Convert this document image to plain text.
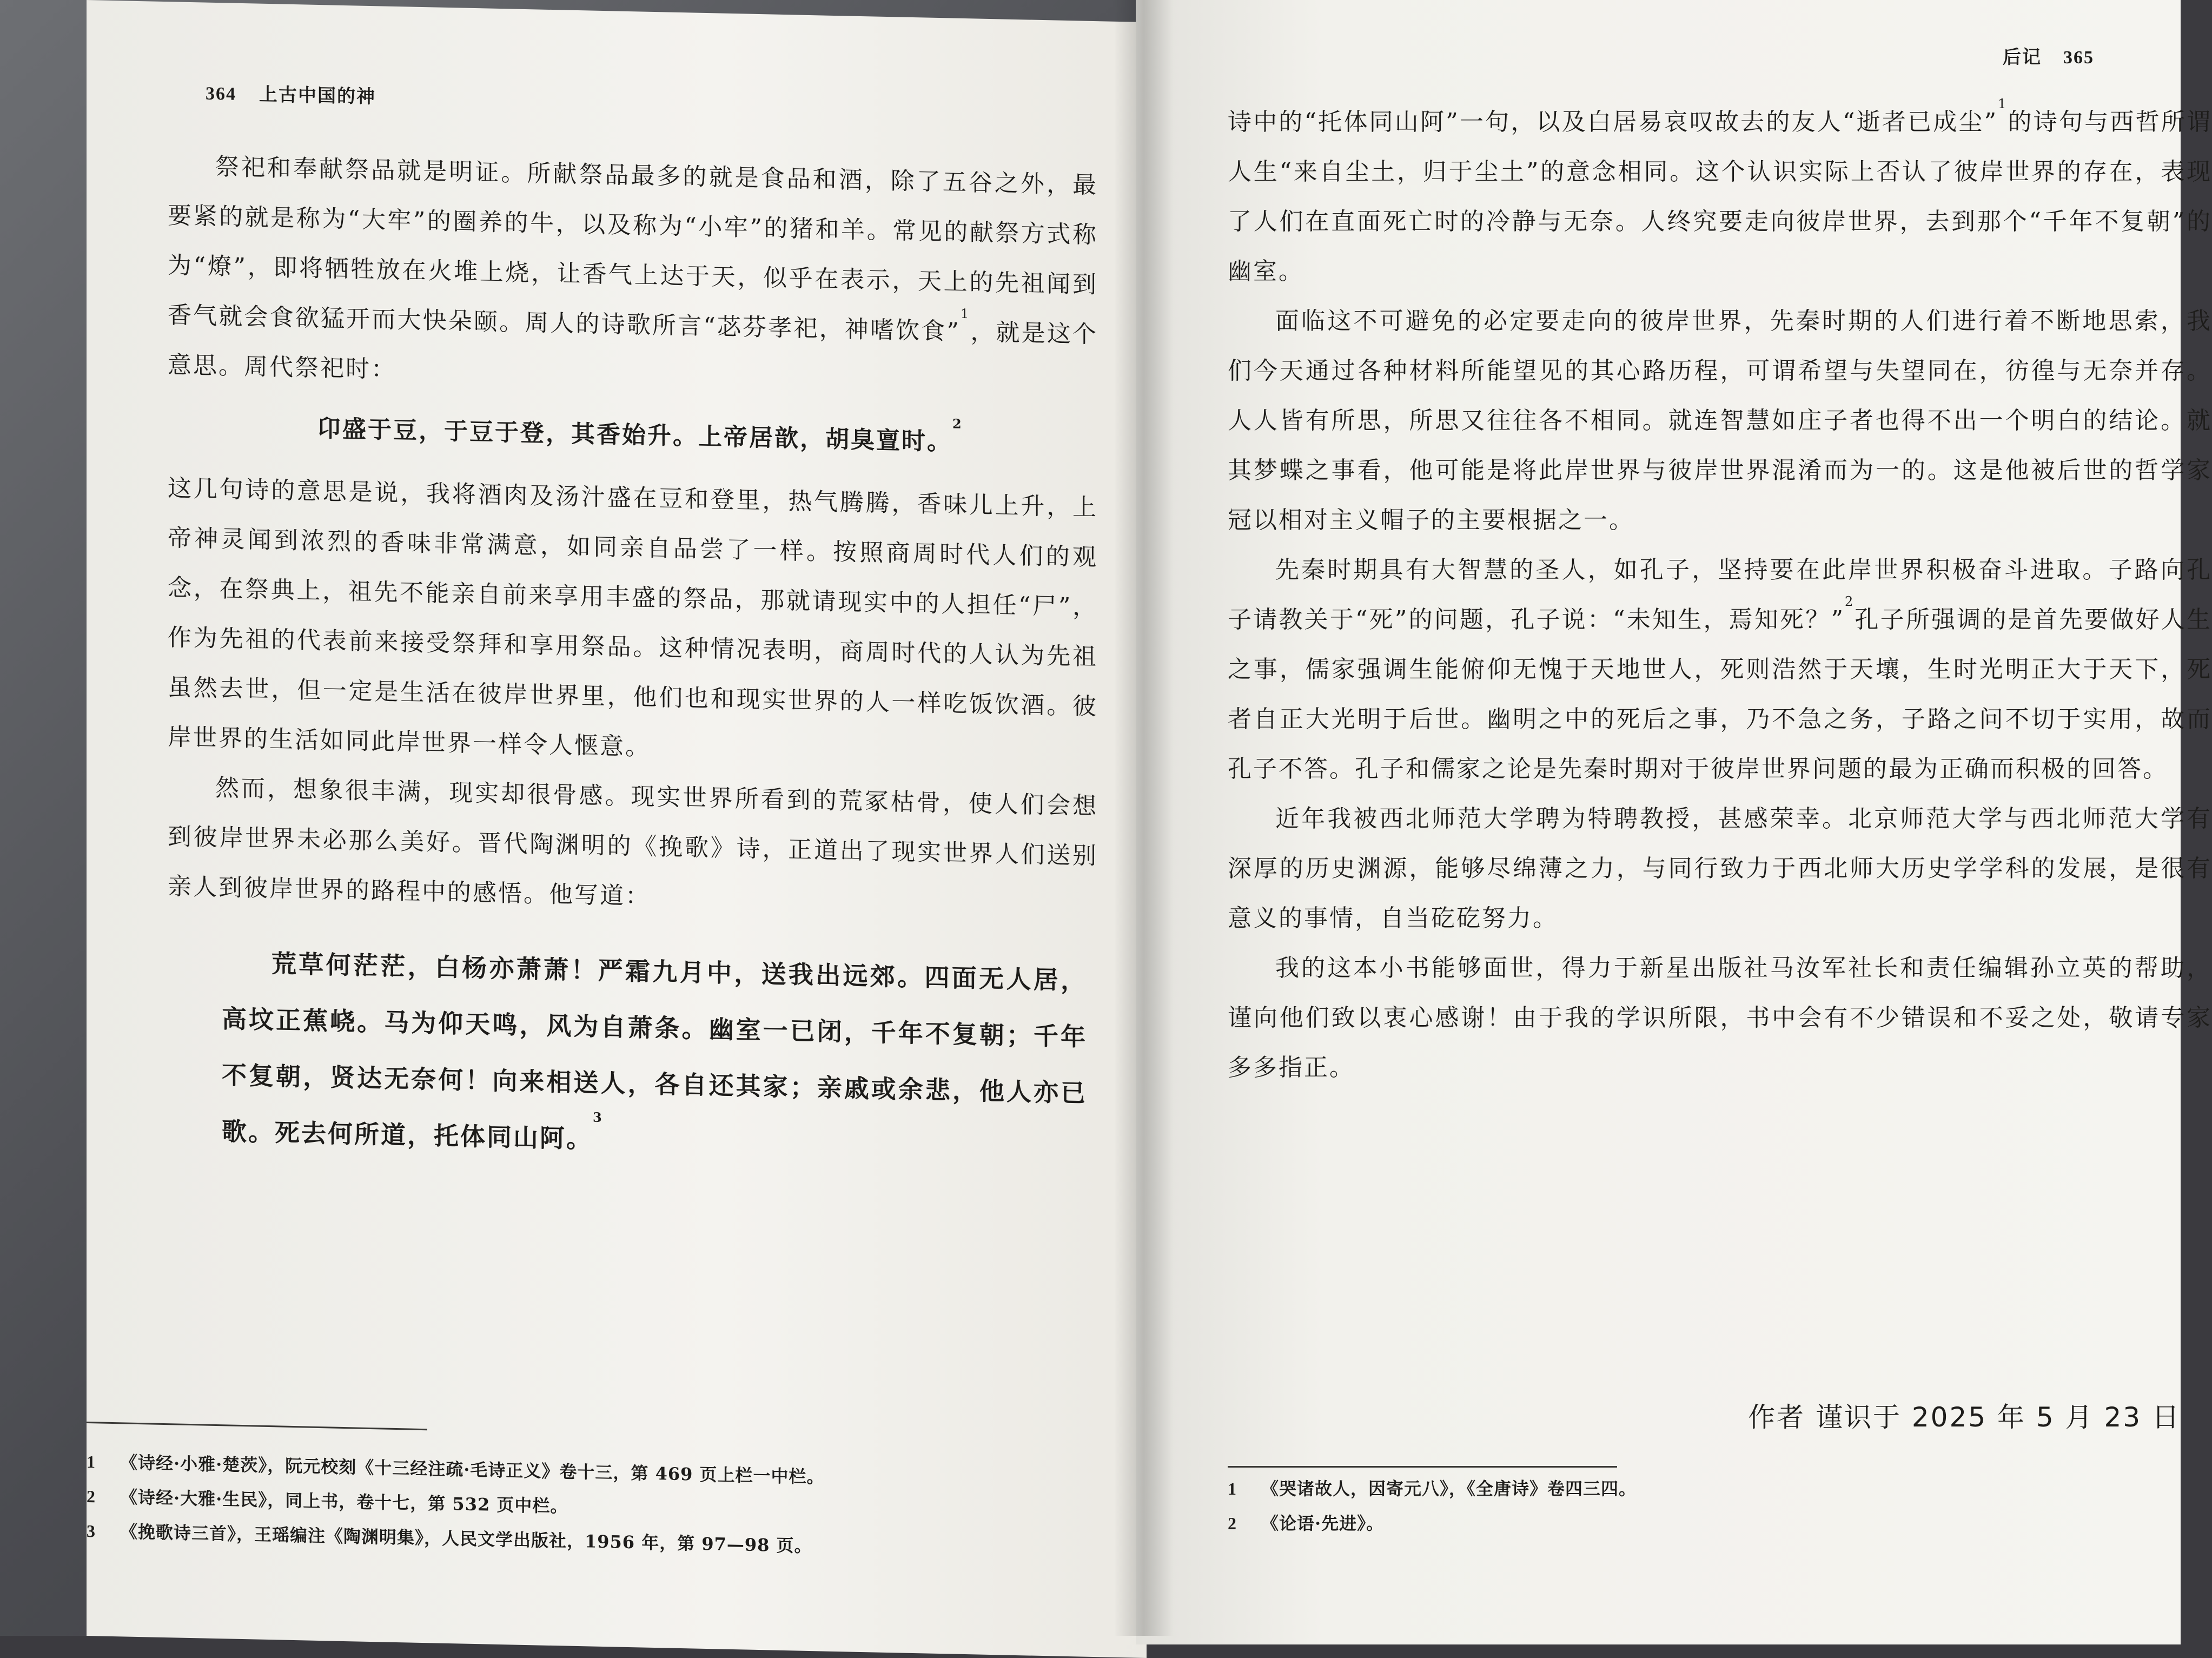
364 上古中国的神

祭祀和奉献祭品就是明证。所献祭品最多的就是食品和酒，除了五谷之外，最要紧的就是称为“大牢”的圈养的牛，以及称为“小牢”的猪和羊。常见的献祭方式称为“燎”，即将牺牲放在火堆上烧，让香气上达于天，似乎在表示，天上的先祖闻到香气就会食欲猛开而大快朵颐。周人的诗歌所言“苾芬孝祀，神嗜饮食”$^1$，就是这个意思。周代祭祀时：

卬盛于豆，于豆于登，其香始升。上帝居歆，胡臭亶时。$^2$

这几句诗的意思是说，我将酒肉及汤汁盛在豆和登里，热气腾腾，香味儿上升，上帝神灵闻到浓烈的香味非常满意，如同亲自品尝了一样。按照商周时代人们的观念，在祭典上，祖先不能亲自前来享用丰盛的祭品，那就请现实中的人担任“尸”，作为先祖的代表前来接受祭拜和享用祭品。这种情况表明，商周时代的人认为先祖虽然去世，但一定是生活在彼岸世界里，他们也和现实世界的人一样吃饭饮酒。彼岸世界的生活如同此岸世界一样令人惬意。

然而，想象很丰满，现实却很骨感。现实世界所看到的荒冢枯骨，使人们会想到彼岸世界未必那么美好。晋代陶渊明的《挽歌》诗，正道出了现实世界人们送别亲人到彼岸世界的路程中的感悟。他写道：

荒草何茫茫，白杨亦萧萧！严霜九月中，送我出远郊。四面无人居，高坟正蕉峣。马为仰天鸣，风为自萧条。幽室一已闭，千年不复朝；千年不复朝，贤达无奈何！向来相送人，各自还其家；亲戚或余悲，他人亦已歌。死去何所道，托体同山阿。$^3$

1 《诗经·小雅·楚茨》，阮元校刻《十三经注疏·毛诗正义》卷十三，第 469 页上栏一中栏。
2 《诗经·大雅·生民》，同上书，卷十七，第 532 页中栏。
3 《挽歌诗三首》，王瑶编注《陶渊明集》，人民文学出版社，1956 年，第 97—98 页。
后记 365

诗中的“托体同山阿”一句，以及白居易哀叹故去的友人“逝者已成尘”$^1$的诗句与西哲所谓人生“来自尘土，归于尘土”的意念相同。这个认识实际上否认了彼岸世界的存在，表现了人们在直面死亡时的冷静与无奈。人终究要走向彼岸世界，去到那个“千年不复朝”的幽室。

面临这不可避免的必定要走向的彼岸世界，先秦时期的人们进行着不断地思索，我们今天通过各种材料所能望见的其心路历程，可谓希望与失望同在，彷徨与无奈并存。人人皆有所思，所思又往往各不相同。就连智慧如庄子者也得不出一个明白的结论。就其梦蝶之事看，他可能是将此岸世界与彼岸世界混淆而为一的。这是他被后世的哲学家冠以相对主义帽子的主要根据之一。

先秦时期具有大智慧的圣人，如孔子，坚持要在此岸世界积极奋斗进取。子路向孔子请教关于“死”的问题，孔子说：“未知生，焉知死？”$^2$孔子所强调的是首先要做好人生之事，儒家强调生能俯仰无愧于天地世人，死则浩然于天壤，生时光明正大于天下，死者自正大光明于后世。幽明之中的死后之事，乃不急之务，子路之问不切于实用，故而孔子不答。孔子和儒家之论是先秦时期对于彼岸世界问题的最为正确而积极的回答。

近年我被西北师范大学聘为特聘教授，甚感荣幸。北京师范大学与西北师范大学有深厚的历史渊源，能够尽绵薄之力，与同行致力于西北师大历史学学科的发展，是很有意义的事情，自当矻矻努力。

我的这本小书能够面世，得力于新星出版社马汝军社长和责任编辑孙立英的帮助，谨向他们致以衷心感谢！由于我的学识所限，书中会有不少错误和不妥之处，敬请专家多多指正。

作者 谨识于 2025 年 5 月 23 日
1 《哭诸故人，因寄元八》，《全唐诗》卷四三四。
2 《论语·先进》。
